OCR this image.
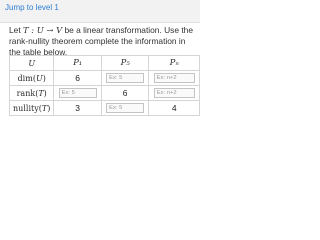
Jump to level 1
Let T : U → V be a linear transformation. Use the rank-nullity theorem complete the information in the table below.
U	P₁	P₅	Pₙ
dim(U)	6	Ex: 5	Ex: n+2

rank(T)	Ex: 5	6	Ex: n+2

nullity(T)	3	Ex: 5	4
